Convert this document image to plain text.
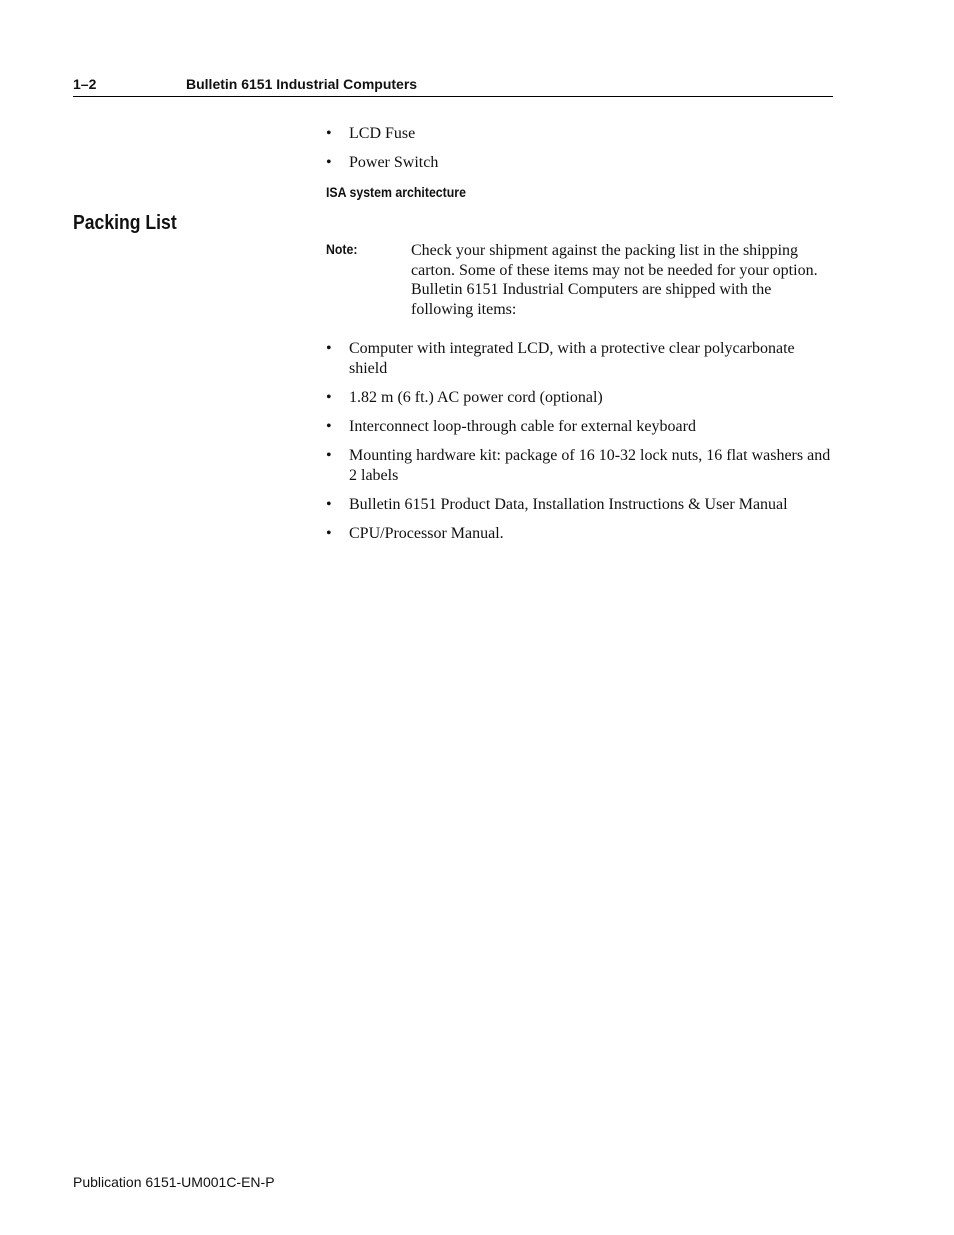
1–2	Bulletin 6151 Industrial Computers
• LCD Fuse
• Power Switch
ISA system architecture
Packing List
Note:	Check your shipment against the packing list in the shipping carton. Some of these items may not be needed for your option. Bulletin 6151 Industrial Computers are shipped with the following items:
• Computer with integrated LCD, with a protective clear polycarbonate shield
• 1.82 m (6 ft.) AC power cord (optional)
• Interconnect loop-through cable for external keyboard
• Mounting hardware kit: package of 16 10-32 lock nuts, 16 flat washers and 2 labels
• Bulletin 6151 Product Data, Installation Instructions & User Manual
• CPU/Processor Manual.
Publication 6151-UM001C-EN-P
